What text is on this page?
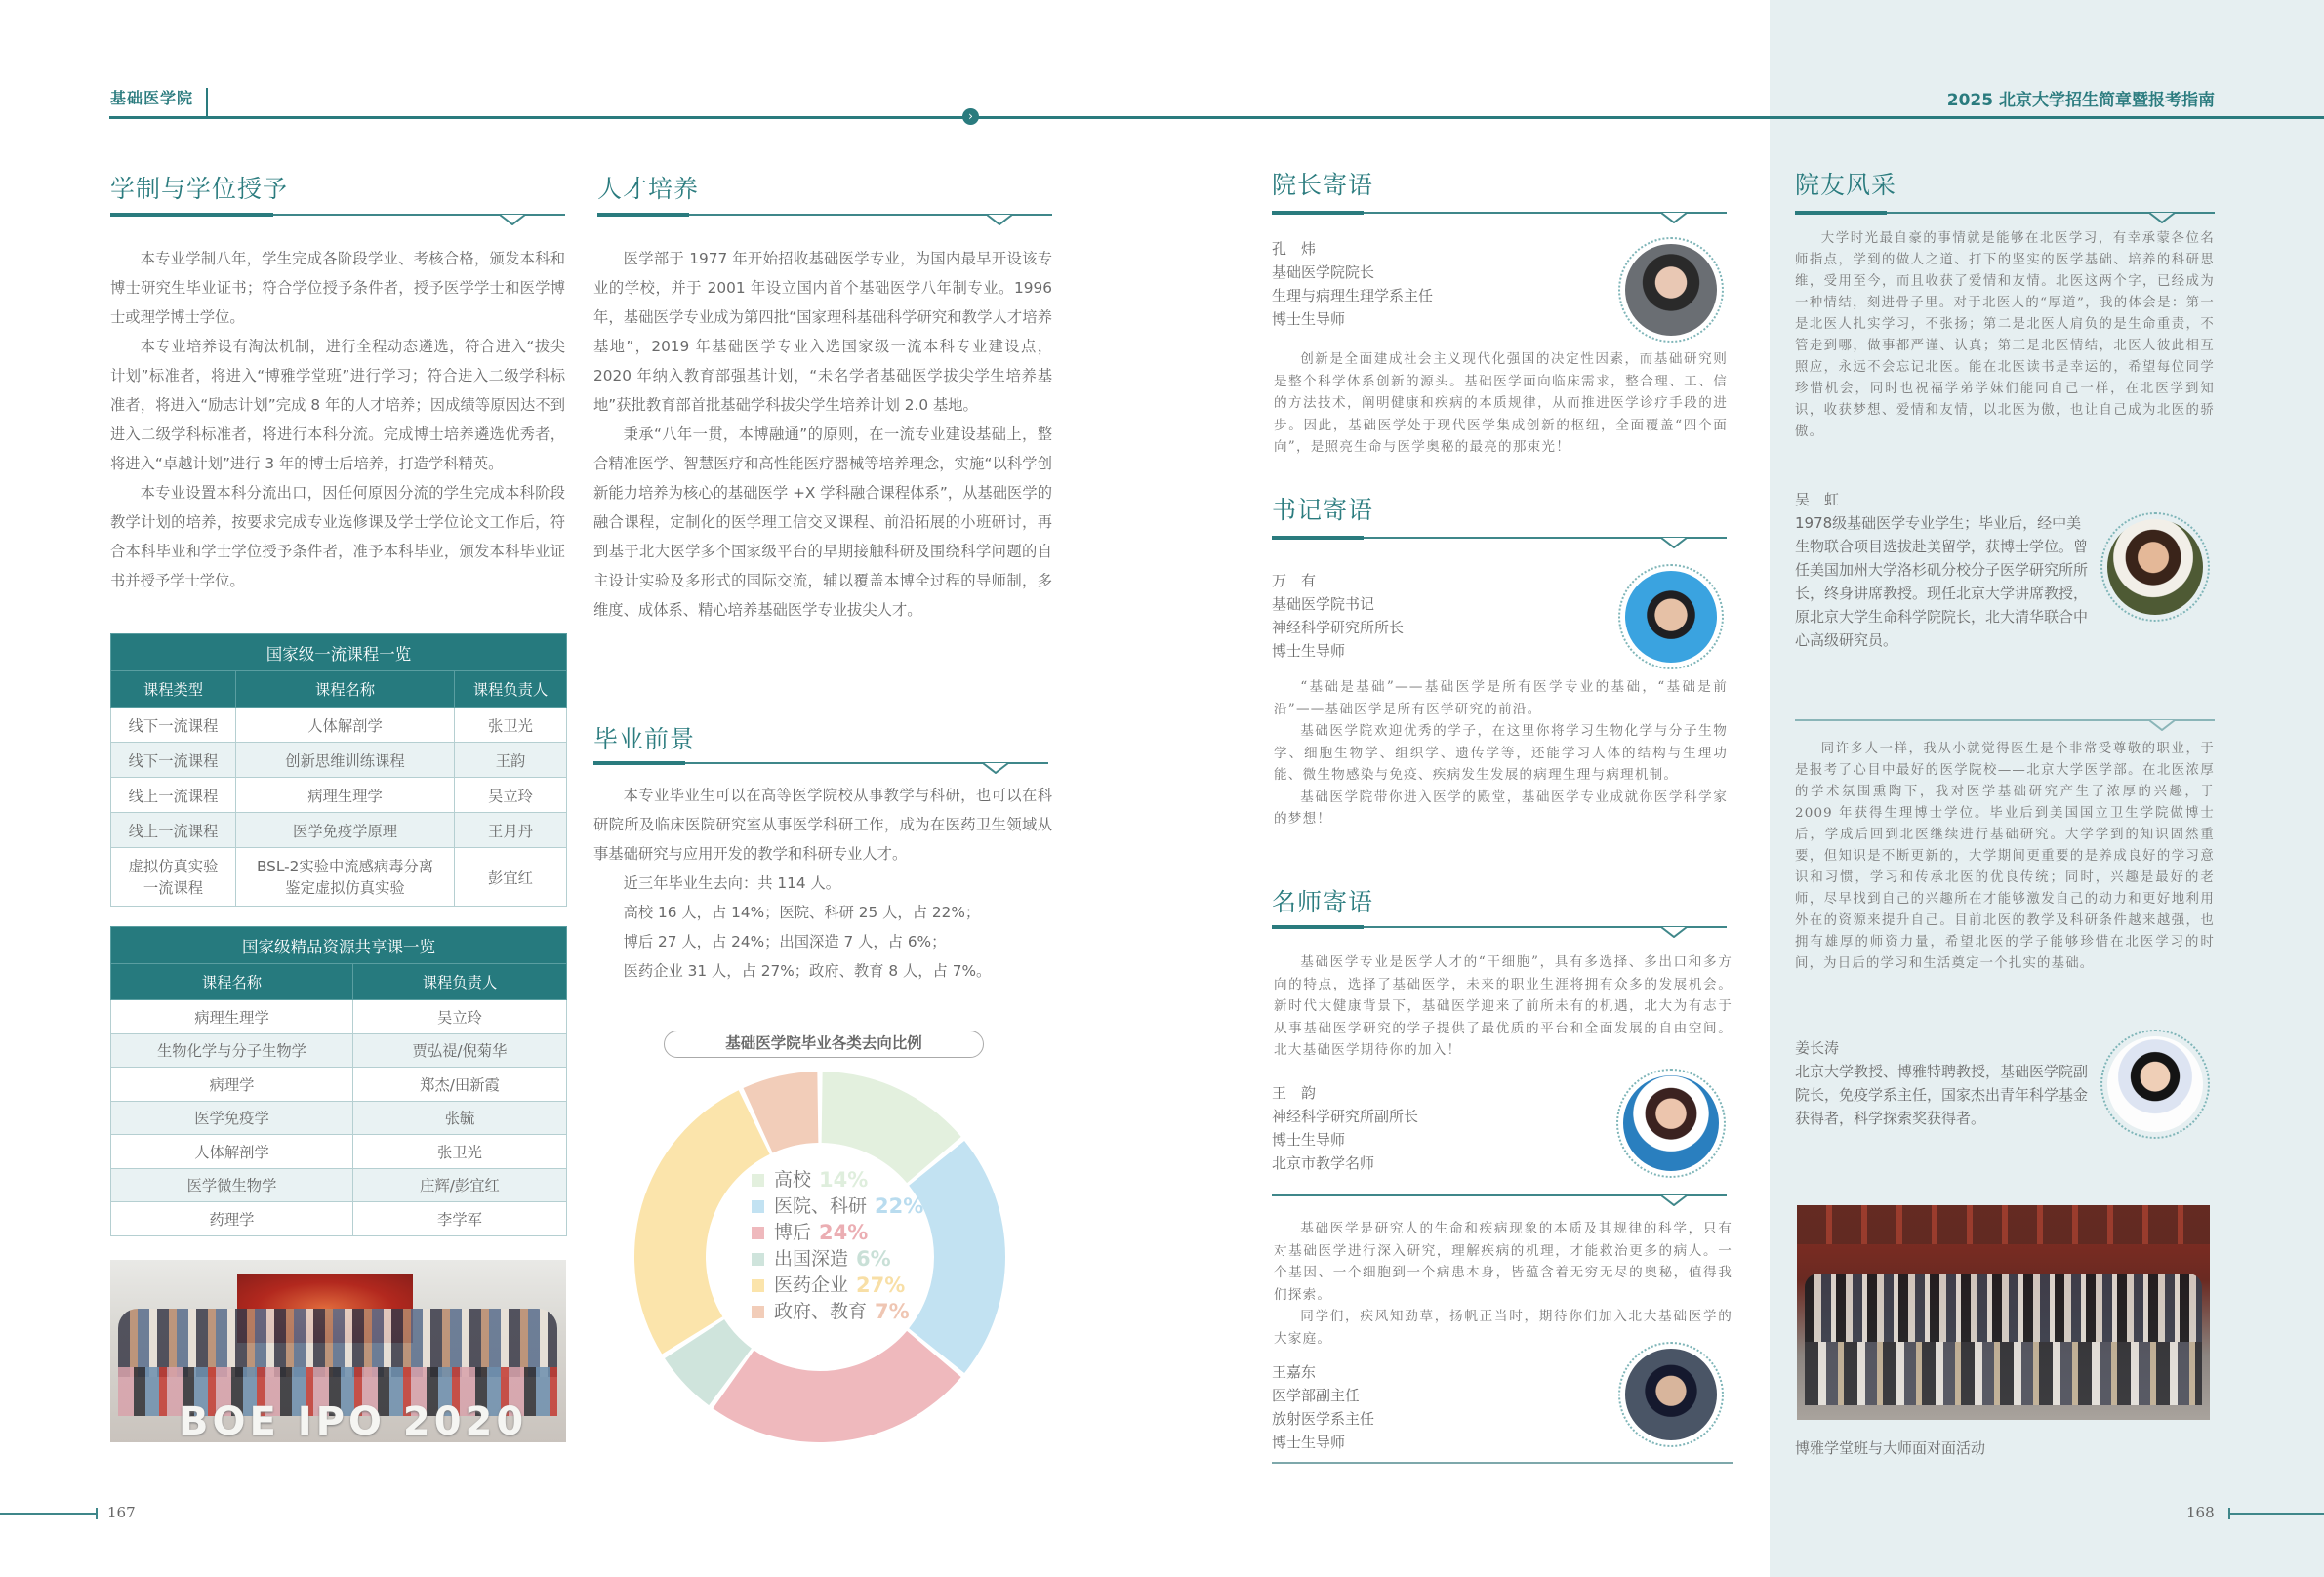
基础医学院	2025 北京大学招生简章暨报考指南
›
学制与学位授予

本专业学制八年，学生完成各阶段学业、考核合格，颁发本科和博士研究生毕业证书；符合学位授予条件者，授予医学学士和医学博士或理学博士学位。

本专业培养设有淘汰机制，进行全程动态遴选，符合进入“拔尖计划”标准者，将进入“博雅学堂班”进行学习；符合进入二级学科标准者，将进入“励志计划”完成 8 年的人才培养；因成绩等原因达不到进入二级学科标准者，将进行本科分流。完成博士培养遴选优秀者，将进入“卓越计划”进行 3 年的博士后培养，打造学科精英。

本专业设置本科分流出口，因任何原因分流的学生完成本科阶段教学计划的培养，按要求完成专业选修课及学士学位论文工作后，符合本科毕业和学士学位授予条件者，准予本科毕业，颁发本科毕业证书并授予学士学位。

国家级一流课程一览		
课程类型	课程名称	课程负责人
线下一流课程	人体解剖学	张卫光
线下一流课程	创新思维训练课程	王韵
线上一流课程	病理生理学	吴立玲
线上一流课程	医学免疫学原理	王月丹
虚拟仿真实验一流课程	BSL-2实验中流感病毒分离鉴定虚拟仿真实验	彭宜红
国家级精品资源共享课一览	
课程名称	课程负责人
病理生理学	吴立玲
生物化学与分子生物学	贾弘禔/倪菊华
病理学	郑杰/田新霞
医学免疫学	张毓
人体解剖学	张卫光
医学微生物学	庄辉/彭宜红
药理学	李学军
BOE IPO 2020
人才培养

医学部于 1977 年开始招收基础医学专业，为国内最早开设该专业的学校，并于 2001 年设立国内首个基础医学八年制专业。1996 年，基础医学专业成为第四批“国家理科基础科学研究和教学人才培养基地”，2019 年基础医学专业入选国家级一流本科专业建设点，2020 年纳入教育部强基计划，“未名学者基础医学拔尖学生培养基地”获批教育部首批基础学科拔尖学生培养计划 2.0 基地。

秉承“八年一贯，本博融通”的原则，在一流专业建设基础上，整合精准医学、智慧医疗和高性能医疗器械等培养理念，实施“以科学创新能力培养为核心的基础医学 +X 学科融合课程体系”，从基础医学的融合课程，定制化的医学理工信交叉课程、前沿拓展的小班研讨，再到基于北大医学多个国家级平台的早期接触科研及围绕科学问题的自主设计实验及多形式的国际交流，辅以覆盖本博全过程的导师制，多维度、成体系、精心培养基础医学专业拔尖人才。

毕业前景

本专业毕业生可以在高等医学院校从事教学与科研，也可以在科研院所及临床医院研究室从事医学科研工作，成为在医药卫生领域从事基础研究与应用开发的教学和科研专业人才。

近三年毕业生去向：共 114 人。

高校 16 人，占 14%；医院、科研 25 人，占 22%；

博后 27 人，占 24%；出国深造 7 人，占 6%；

医药企业 31 人，占 27%；政府、教育 8 人，占 7%。

基础医学院毕业各类去向比例
高校 14%
医院、科研 22%
博后 24%
出国深造 6%
医药企业 27%
政府、教育 7%
院长寄语
孔　炜
基础医学院院长
生理与病理生理学系主任
博士生导师

创新是全面建成社会主义现代化强国的决定性因素，而基础研究则是整个科学体系创新的源头。基础医学面向临床需求，整合理、工、信的方法技术，阐明健康和疾病的本质规律，从而推进医学诊疗手段的进步。因此，基础医学处于现代医学集成创新的枢纽，全面覆盖“四个面向”，是照亮生命与医学奥秘的最亮的那束光！

书记寄语
万　有
基础医学院书记
神经科学研究所所长
博士生导师

“基础是基础”——基础医学是所有医学专业的基础，“基础是前沿”——基础医学是所有医学研究的前沿。

基础医学院欢迎优秀的学子，在这里你将学习生物化学与分子生物学、细胞生物学、组织学、遗传学等，还能学习人体的结构与生理功能、微生物感染与免疫、疾病发生发展的病理生理与病理机制。

基础医学院带你进入医学的殿堂，基础医学专业成就你医学科学家的梦想！

名师寄语

基础医学专业是医学人才的“干细胞”，具有多选择、多出口和多方向的特点，选择了基础医学，未来的职业生涯将拥有众多的发展机会。新时代大健康背景下，基础医学迎来了前所未有的机遇，北大为有志于从事基础医学研究的学子提供了最优质的平台和全面发展的自由空间。北大基础医学期待你的加入！

王　韵
神经科学研究所副所长
博士生导师
北京市教学名师

基础医学是研究人的生命和疾病现象的本质及其规律的科学，只有对基础医学进行深入研究，理解疾病的机理，才能救治更多的病人。一个基因、一个细胞到一个病患本身，皆蕴含着无穷无尽的奥秘，值得我们探索。

同学们，疾风知劲草，扬帆正当时，期待你们加入北大基础医学的大家庭。

王嘉东
医学部副主任
放射医学系主任
博士生导师
院友风采

大学时光最自豪的事情就是能够在北医学习，有幸承蒙各位名师指点，学到的做人之道、打下的坚实的医学基础、培养的科研思维，受用至今，而且收获了爱情和友情。北医这两个字，已经成为一种情结，刻进骨子里。对于北医人的“厚道”，我的体会是：第一是北医人扎实学习，不张扬；第二是北医人肩负的是生命重责，不管走到哪，做事都严谨、认真；第三是北医情结，北医人彼此相互照应，永远不会忘记北医。能在北医读书是幸运的，希望每位同学珍惜机会，同时也祝福学弟学妹们能同自己一样，在北医学到知识，收获梦想、爱情和友情，以北医为傲，也让自己成为北医的骄傲。

吴　虹
1978级基础医学专业学生；毕业后，经中美生物联合项目选拔赴美留学，获博士学位。曾任美国加州大学洛杉矶分校分子医学研究所所长，终身讲席教授。现任北京大学讲席教授，原北京大学生命科学院院长，北大清华联合中心高级研究员。

同许多人一样，我从小就觉得医生是个非常受尊敬的职业，于是报考了心目中最好的医学院校——北京大学医学部。在北医浓厚的学术氛围熏陶下，我对医学基础研究产生了浓厚的兴趣，于 2009 年获得生理博士学位。毕业后到美国国立卫生学院做博士后，学成后回到北医继续进行基础研究。大学学到的知识固然重要，但知识是不断更新的，大学期间更重要的是养成良好的学习意识和习惯，学习和传承北医的优良传统；同时，兴趣是最好的老师，尽早找到自己的兴趣所在才能够激发自己的动力和更好地利用外在的资源来提升自己。目前北医的教学及科研条件越来越强，也拥有雄厚的师资力量，希望北医的学子能够珍惜在北医学习的时间，为日后的学习和生活奠定一个扎实的基础。

姜长涛
北京大学教授、博雅特聘教授，基础医学院副院长，免疫学系主任，国家杰出青年科学基金获得者，科学探索奖获得者。
博雅学堂班与大师面对面活动
167	168
